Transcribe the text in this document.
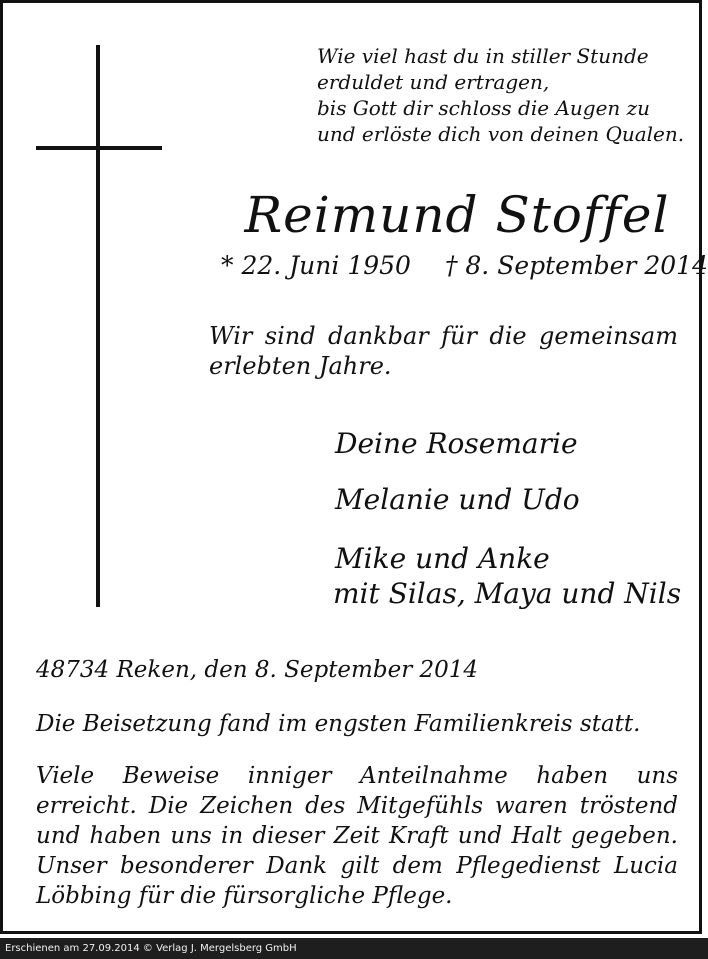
Wie viel hast du in stiller Stunde
erduldet und ertragen,
bis Gott dir schloss die Augen zu
und erlöste dich von deinen Qualen.
Reimund Stoffel
* 22. Juni 1950 † 8. September 2014
Wir sind dankbar für die gemeinsam erlebten Jahre.
Deine Rosemarie
Melanie und Udo
Mike und Anke
mit Silas, Maya und Nils
48734 Reken, den 8. September 2014
Die Beisetzung fand im engsten Familienkreis statt.
Viele Beweise inniger Anteilnahme haben uns erreicht. Die Zeichen des Mitgefühls waren tröstend und haben uns in dieser Zeit Kraft und Halt gegeben. Unser besonderer Dank gilt dem Pflegedienst Lucia Löbbing für die fürsorgliche Pflege.
Erschienen am 27.09.2014 © Verlag J. Mergelsberg GmbH
